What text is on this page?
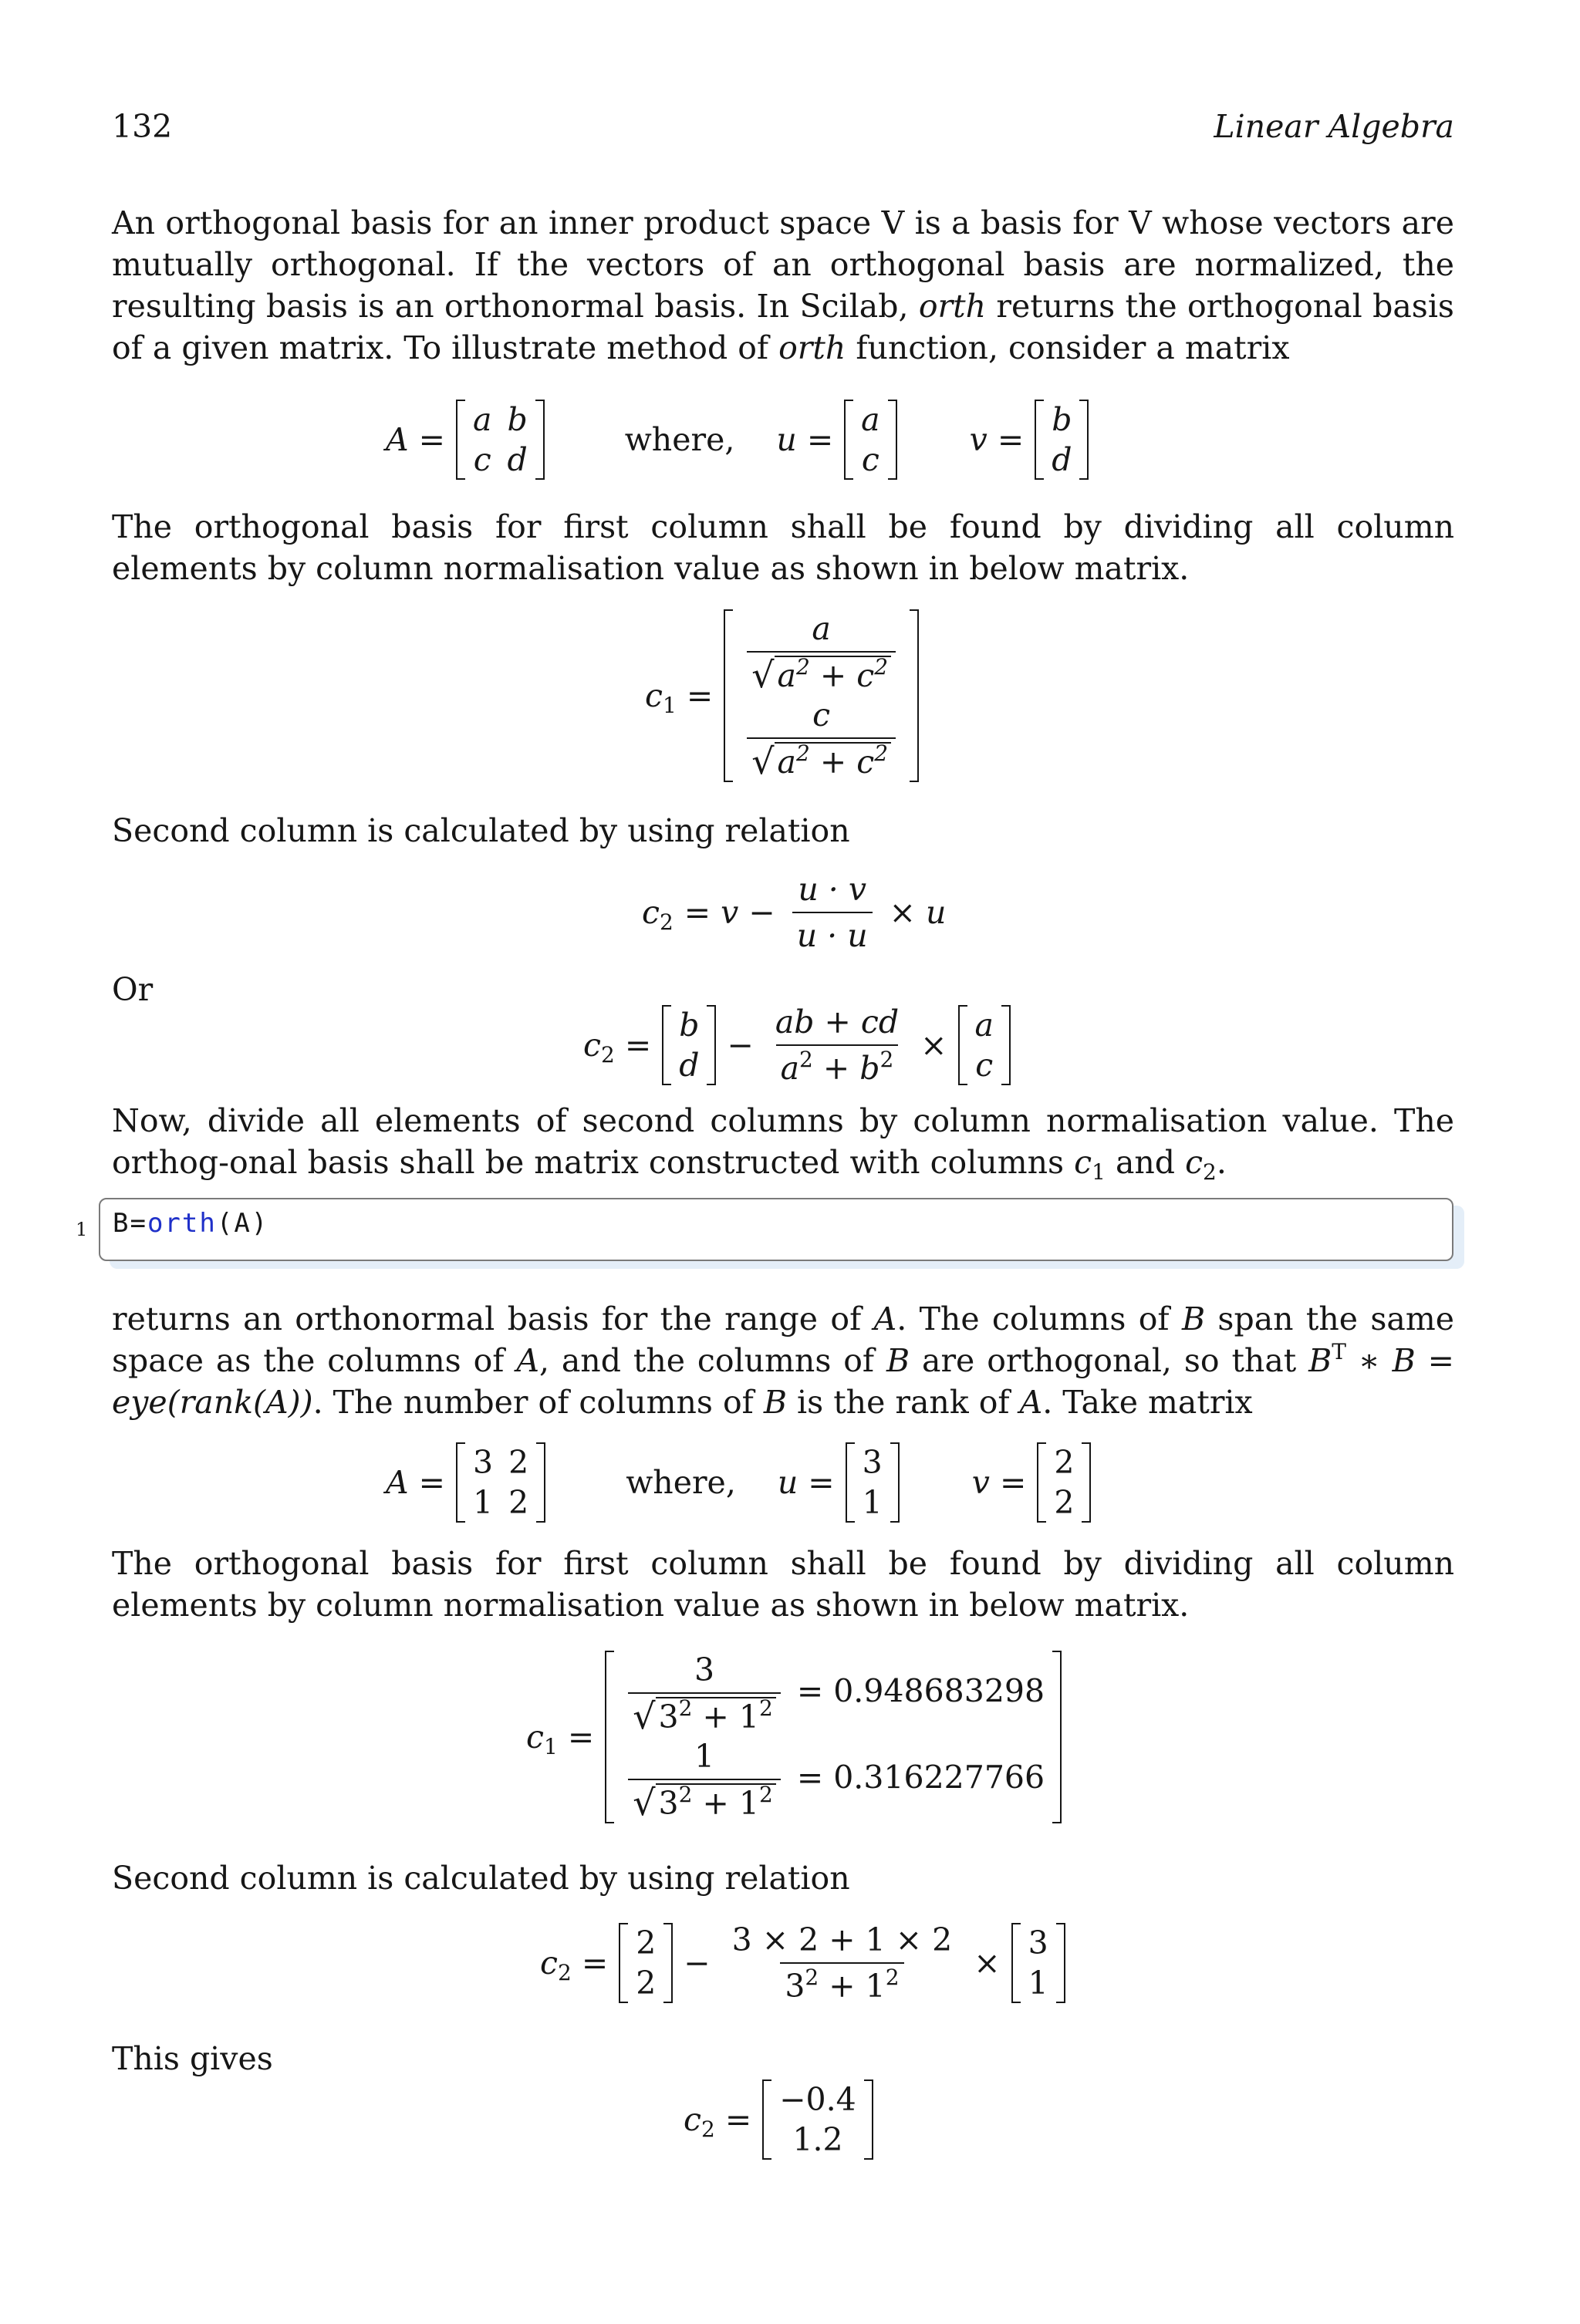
132	Linear Algebra

An orthogonal basis for an inner product space V is a basis for V whose vectors are mutually orthogonal. If the vectors of an orthogonal basis are normalized, the resulting basis is an orthonormal basis. In Scilab, orth returns the orthogonal basis of a given matrix. To illustrate method of orth function, consider a matrix

A =
a	b
c	d
where, u =
a
c
v =
b
d

The orthogonal basis for first column shall be found by dividing all column elements by column normalisation value as shown in below matrix.

$c_1 = \frac{a}{√ a^2 + c^2}$

$\frac{c}{√ a^2 + c^2}$

Second column is calculated by using relation

$c_2 = v - \frac{u \cdot v}{u \cdot u} \times u$

Or

$c_2$ =
b
d
− $\frac{ab + cd}{a^2 + b^2}$ ×
a
c

Now, divide all elements of second columns by column normalisation value. The orthog-onal basis shall be matrix constructed with columns $c_1$ and $c_2$.

1 B=orth(A)

returns an orthonormal basis for the range of A. The columns of B span the same space as the columns of A, and the columns of B are orthogonal, so that $B^T$ ∗ B = eye(rank(A)). The number of columns of B is the rank of A. Take matrix

A =
3	2
1	2
where, u =
3
1
v =
2
2

The orthogonal basis for first column shall be found by dividing all column elements by column normalisation value as shown in below matrix.

$c_1 = \frac{3}{√ 3^2 + 1^2} = 0.948683298$

$\frac{1}{√ 3^2 + 1^2} = 0.316227766$

Second column is calculated by using relation

$c_2$ =
2
2
− $\frac{3 \times 2 + 1 \times 2}{3^2 + 1^2}$ ×
3
1

This gives

$c_2$ =
−0.4
1.2
